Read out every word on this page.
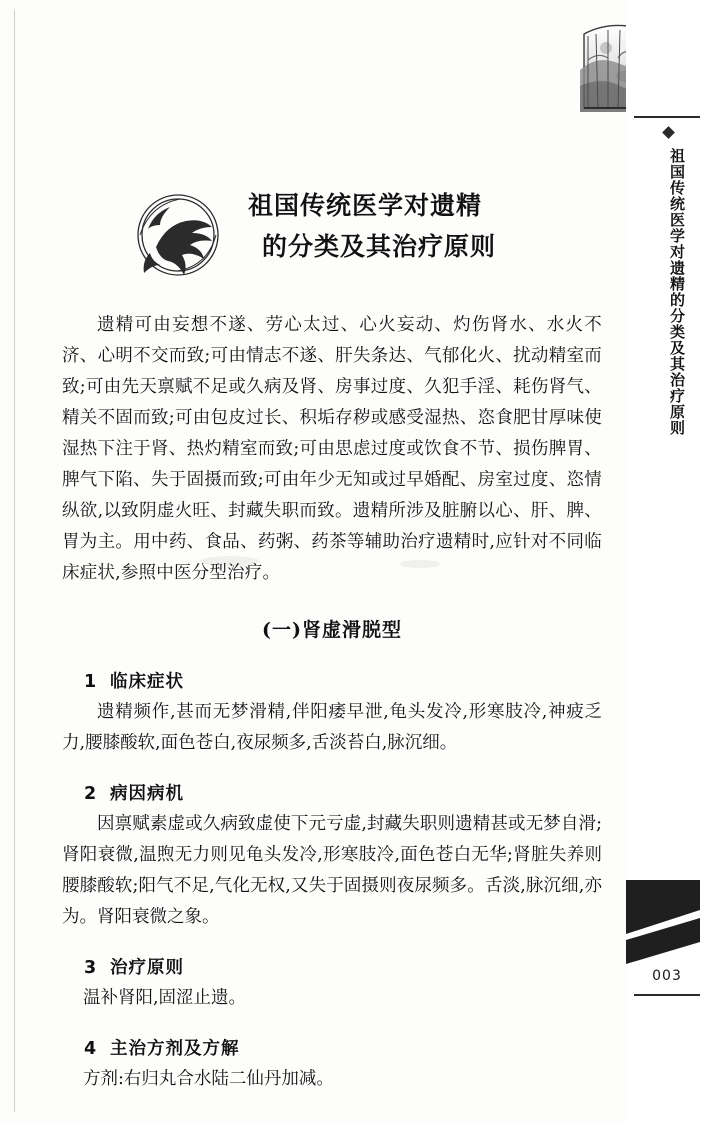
祖国传统医学对遗精的分类及其治疗原则
003
祖国传统医学对遗精
的分类及其治疗原则

遗精可由妄想不遂、劳心太过、心火妄动、灼伤肾水、水火不济、心明不交而致;可由情志不遂、肝失条达、气郁化火、扰动精室而致;可由先天禀赋不足或久病及肾、房事过度、久犯手淫、耗伤肾气、精关不固而致;可由包皮过长、积垢存秽或感受湿热、恣食肥甘厚味使湿热下注于肾、热灼精室而致;可由思虑过度或饮食不节、损伤脾胃、脾气下陷、失于固摄而致;可由年少无知或过早婚配、房室过度、恣情纵欲,以致阴虚火旺、封藏失职而致。遗精所涉及脏腑以心、肝、脾、胃为主。用中药、食品、药粥、药茶等辅助治疗遗精时,应针对不同临床症状,参照中医分型治疗。

(一)肾虚滑脱型
1 临床症状

遗精频作,甚而无梦滑精,伴阳痿早泄,龟头发冷,形寒肢冷,神疲乏力,腰膝酸软,面色苍白,夜尿频多,舌淡苔白,脉沉细。

2 病因病机

因禀赋素虚或久病致虚使下元亏虚,封藏失职则遗精甚或无梦自滑;肾阳衰微,温煦无力则见龟头发冷,形寒肢冷,面色苍白无华;肾脏失养则腰膝酸软;阳气不足,气化无权,又失于固摄则夜尿频多。舌淡,脉沉细,亦为。肾阳衰微之象。

3 治疗原则

温补肾阳,固涩止遗。

4 主治方剂及方解

方剂:右归丸合水陆二仙丹加减。
